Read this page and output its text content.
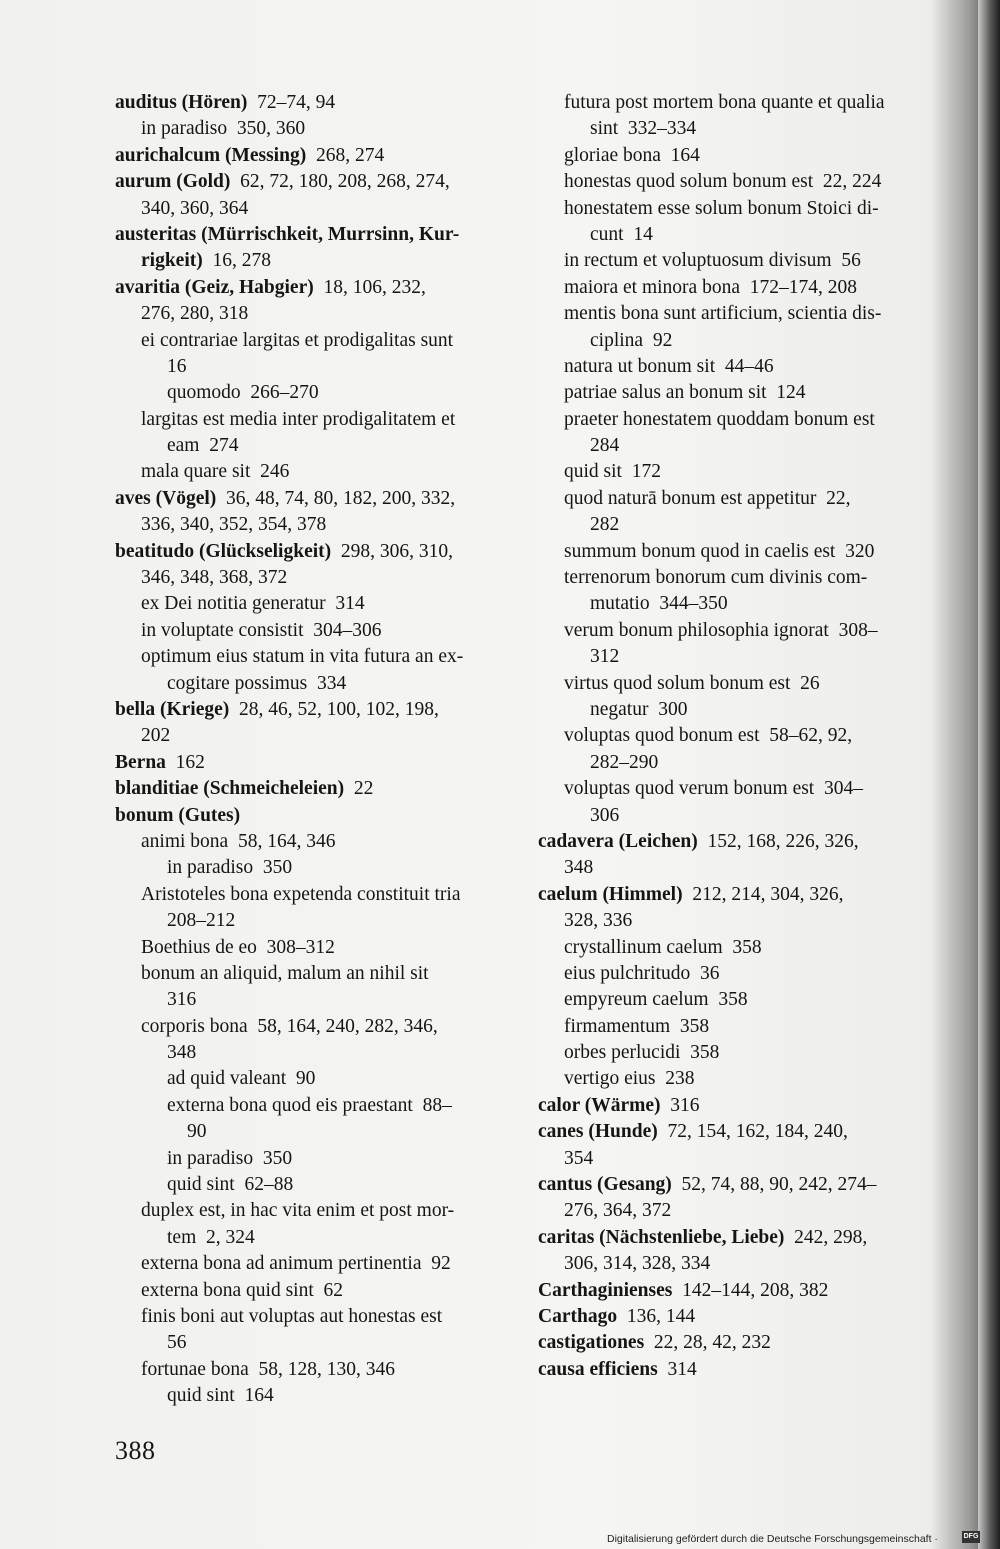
auditus (Hören)  72–74, 94
in paradiso  350, 360
aurichalcum (Messing)  268, 274
aurum (Gold)  62, 72, 180, 208, 268, 274,
340, 360, 364
austeritas (Mürrischkeit, Murrsinn, Kur-
rigkeit)  16, 278
avaritia (Geiz, Habgier)  18, 106, 232,
276, 280, 318
ei contrariae largitas et prodigalitas sunt
16
quomodo  266–270
largitas est media inter prodigalitatem et
eam  274
mala quare sit  246
aves (Vögel)  36, 48, 74, 80, 182, 200, 332,
336, 340, 352, 354, 378
beatitudo (Glückseligkeit)  298, 306, 310,
346, 348, 368, 372
ex Dei notitia generatur  314
in voluptate consistit  304–306
optimum eius statum in vita futura an ex-
cogitare possimus  334
bella (Kriege)  28, 46, 52, 100, 102, 198,
202
Berna  162
blanditiae (Schmeicheleien)  22
bonum (Gutes)
animi bona  58, 164, 346
in paradiso  350
Aristoteles bona expetenda constituit tria
208–212
Boethius de eo  308–312
bonum an aliquid, malum an nihil sit
316
corporis bona  58, 164, 240, 282, 346,
348
ad quid valeant  90
externa bona quod eis praestant  88–
90
in paradiso  350
quid sint  62–88
duplex est, in hac vita enim et post mor-
tem  2, 324
externa bona ad animum pertinentia  92
externa bona quid sint  62
finis boni aut voluptas aut honestas est
56
fortunae bona  58, 128, 130, 346
quid sint  164
futura post mortem bona quante et qualia
sint  332–334
gloriae bona  164
honestas quod solum bonum est  22, 224
honestatem esse solum bonum Stoici di-
cunt  14
in rectum et voluptuosum divisum  56
maiora et minora bona  172–174, 208
mentis bona sunt artificium, scientia dis-
ciplina  92
natura ut bonum sit  44–46
patriae salus an bonum sit  124
praeter honestatem quoddam bonum est
284
quid sit  172
quod naturā bonum est appetitur  22,
282
summum bonum quod in caelis est  320
terrenorum bonorum cum divinis com-
mutatio  344–350
verum bonum philosophia ignorat  308–
312
virtus quod solum bonum est  26
negatur  300
voluptas quod bonum est  58–62, 92,
282–290
voluptas quod verum bonum est  304–
306
cadavera (Leichen)  152, 168, 226, 326,
348
caelum (Himmel)  212, 214, 304, 326,
328, 336
crystallinum caelum  358
eius pulchritudo  36
empyreum caelum  358
firmamentum  358
orbes perlucidi  358
vertigo eius  238
calor (Wärme)  316
canes (Hunde)  72, 154, 162, 184, 240,
354
cantus (Gesang)  52, 74, 88, 90, 242, 274–
276, 364, 372
caritas (Nächstenliebe, Liebe)  242, 298,
306, 314, 328, 334
Carthaginienses  142–144, 208, 382
Carthago  136, 144
castigationes  22, 28, 42, 232
causa efficiens  314
388
Digitalisierung gefördert durch die Deutsche Forschungsgemeinschaft ·	DFG
